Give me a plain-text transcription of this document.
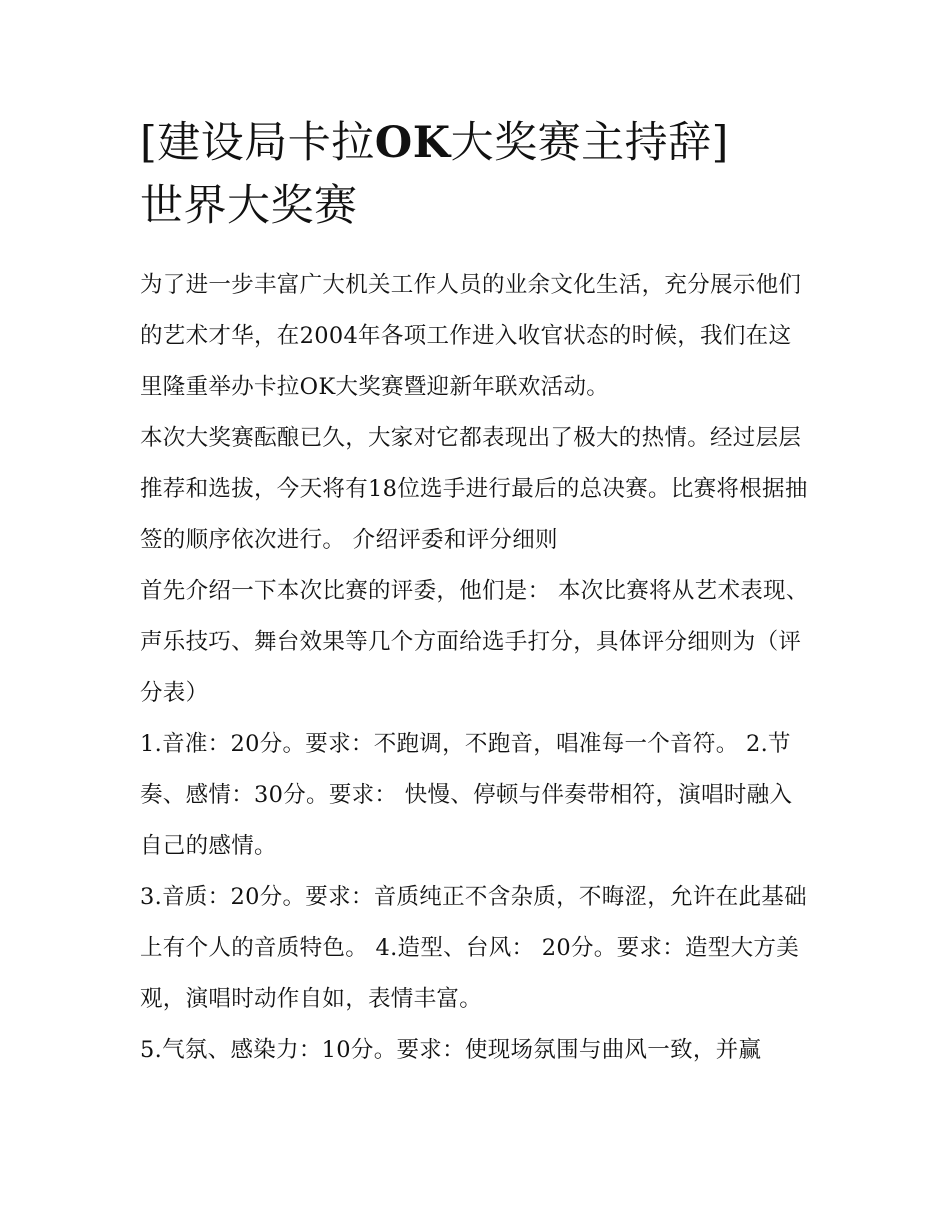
[建设局卡拉OK大奖赛主持辞]
世界大奖赛

为了进一步丰富广大机关工作人员的业余文化生活，充分展示他们的艺术才华，在2004年各项工作进入收官状态的时候，我们在这里隆重举办卡拉OK大奖赛暨迎新年联欢活动。

本次大奖赛酝酿已久，大家对它都表现出了极大的热情。经过层层推荐和选拔，今天将有18位选手进行最后的总决赛。比赛将根据抽签的顺序依次进行。 介绍评委和评分细则

首先介绍一下本次比赛的评委，他们是： 本次比赛将从艺术表现、声乐技巧、舞台效果等几个方面给选手打分，具体评分细则为（评分表）

1.音准：20分。要求：不跑调，不跑音，唱准每一个音符。 2.节奏、感情：30分。要求： 快慢、停顿与伴奏带相符，演唱时融入自己的感情。

3.音质：20分。要求：音质纯正不含杂质，不晦涩，允许在此基础上有个人的音质特色。 4.造型、台风： 20分。要求：造型大方美观，演唱时动作自如，表情丰富。

5.气氛、感染力：10分。要求：使现场氛围与曲风一致，并赢
